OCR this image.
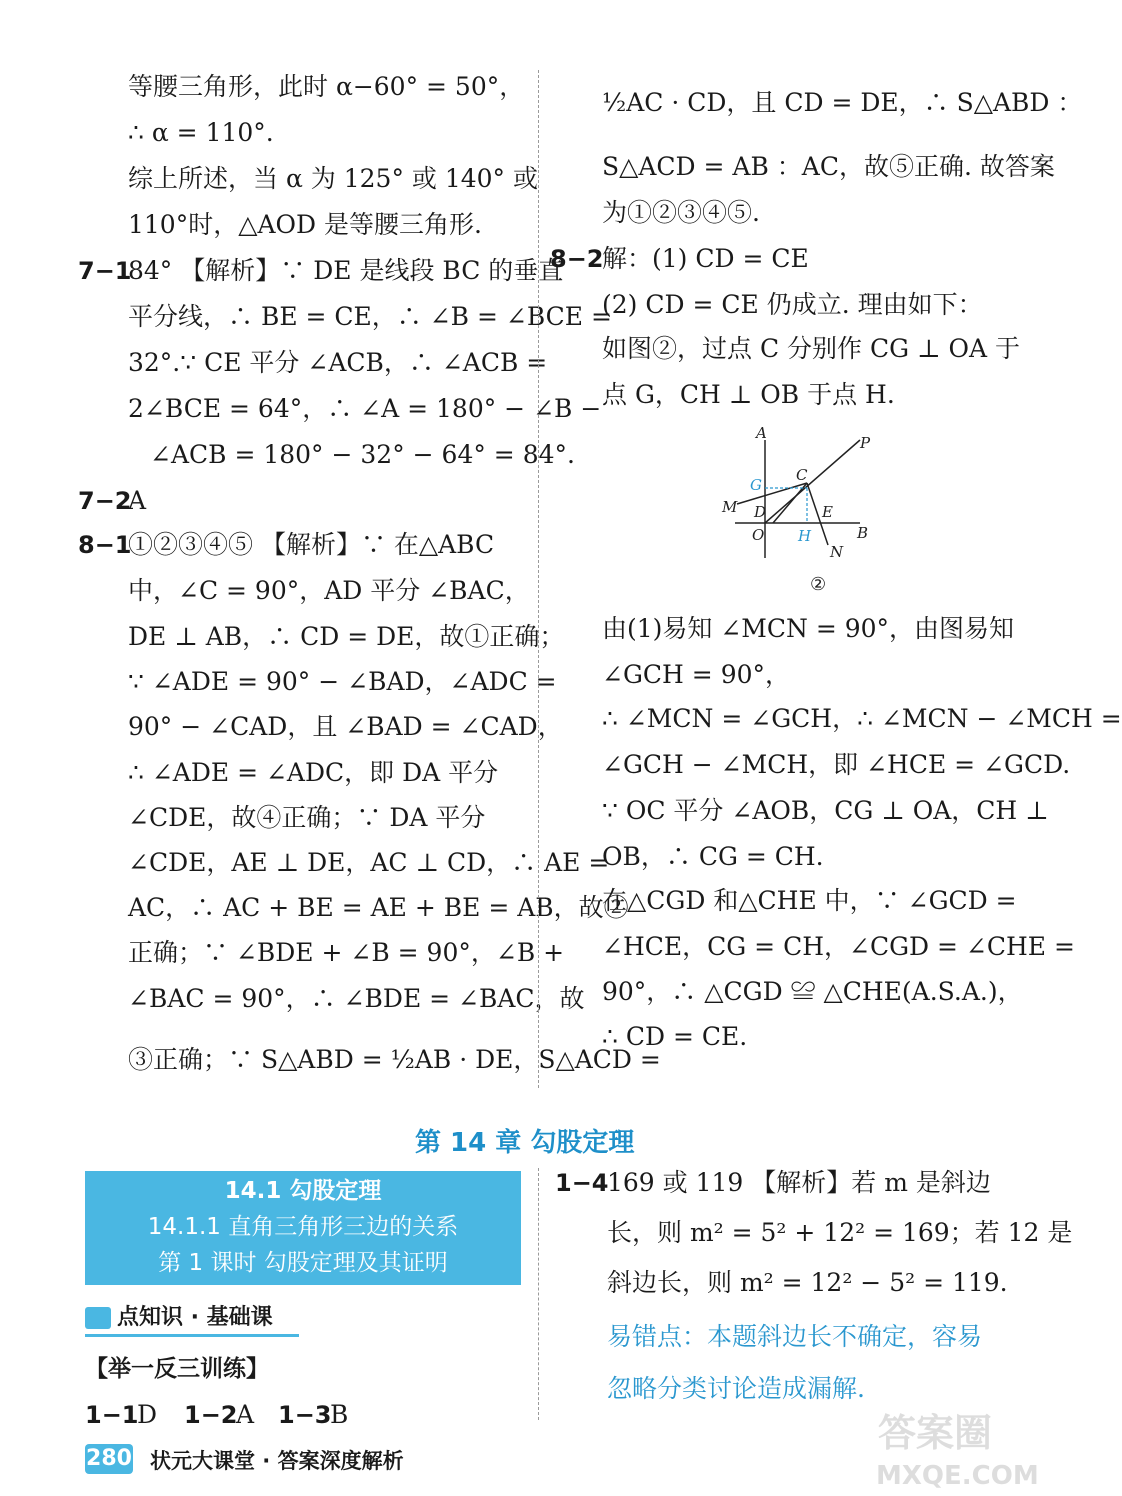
等腰三角形，此时 α−60° = 50°，
∴ α = 110°.
综上所述，当 α 为 125° 或 140° 或
110°时，△AOD 是等腰三角形.
7−1
84° 【解析】∵ DE 是线段 BC 的垂直
平分线，∴ BE = CE，∴ ∠B = ∠BCE =
32°.∵ CE 平分 ∠ACB，∴ ∠ACB =
2∠BCE = 64°，∴ ∠A = 180° − ∠B −
∠ACB = 180° − 32° − 64° = 84°.
7−2
A
8−1
①②③④⑤ 【解析】∵ 在△ABC
中，∠C = 90°，AD 平分 ∠BAC，
DE ⊥ AB，∴ CD = DE，故①正确；
∵ ∠ADE = 90° − ∠BAD，∠ADC =
90° − ∠CAD，且 ∠BAD = ∠CAD，
∴ ∠ADE = ∠ADC，即 DA 平分
∠CDE，故④正确；∵ DA 平分
∠CDE，AE ⊥ DE，AC ⊥ CD，∴ AE =
AC，∴ AC + BE = AE + BE = AB，故②
正确；∵ ∠BDE + ∠B = 90°，∠B +
∠BAC = 90°，∴ ∠BDE = ∠BAC，故
③正确；∵ S△ABD = ½AB · DE，S△ACD =
½AC · CD，且 CD = DE，∴ S△ABD ：
S△ACD = AB ：AC，故⑤正确. 故答案
为①②③④⑤.
8−2
解：(1) CD = CE
(2) CD = CE 仍成立. 理由如下：
如图②，过点 C 分别作 CG ⊥ OA 于
点 G，CH ⊥ OB 于点 H.
由(1)易知 ∠MCN = 90°，由图易知
∠GCH = 90°，
∴ ∠MCN = ∠GCH，∴ ∠MCN − ∠MCH =
∠GCH − ∠MCH，即 ∠HCE = ∠GCD.
∵ OC 平分 ∠AOB，CG ⊥ OA，CH ⊥
OB，∴ CG = CH.
在△CGD 和△CHE 中，∵ ∠GCD =
∠HCE，CG = CH，∠CGD = ∠CHE =
90°，∴ △CGD ≌ △CHE(A.S.A.)，
∴ CD = CE.
A
P
G
C
M D	E
O H	B
N
②
第 14 章 勾股定理
14.1 勾股定理
14.1.1 直角三角形三边的关系
第 1 课时 勾股定理及其证明
点知识 · 基础课
【举一反三训练】
1−1
D 1−2
A 1−3
B
1−4
169 或 119 【解析】若 m 是斜边
长，则 m² = 5² + 12² = 169；若 12 是
斜边长，则 m² = 12² − 5² = 119.
易错点：本题斜边长不确定，容易
忽略分类讨论造成漏解.
280 状元大课堂 · 答案深度解析
答案圈
MXQE.COM
